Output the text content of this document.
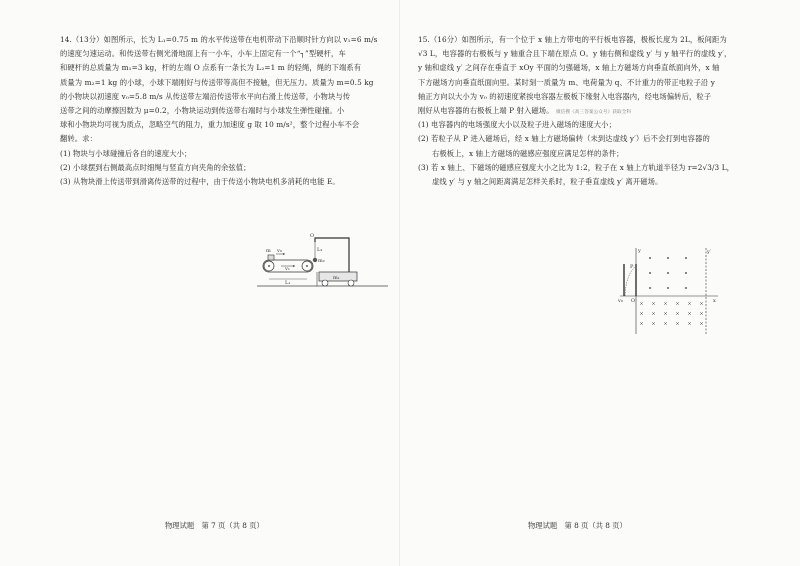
14.（13分）如图所示，长为 L₁=0.75 m 的水平传送带在电机带动下沿顺时针方向以 v₁=6 m/s
的速度匀速运动。和传送带右侧光滑地面上有一小车，小车上固定有一个“┐”型硬杆，车
和硬杆的总质量为 m₁=3 kg，杆的左端 O 点系有一条长为 L₂=1 m 的轻绳，绳的下端系有
质量为 m₂=1 kg 的小球，小球下端刚好与传送带等高但不接触，但无压力。质量为 m=0.5 kg
的小物块以初速度 v₀=5.8 m/s 从传送带左端沿传送带水平向右滑上传送带，小物块与传
送带之间的动摩擦因数为 μ=0.2，小物块运动到传送带右端时与小球发生弹性碰撞。小
球和小物块均可视为质点，忽略空气的阻力，重力加速度 g 取 10 m/s²，整个过程小车不会
翻转。求：
(1) 物块与小球碰撞后各自的速度大小；
(2) 小球摆到右侧最高点时细绳与竖直方向夹角的余弦值；
(3) 从物块滑上传送带到滑离传送带的过程中，由于传送小物块电机多消耗的电能 E。
m v₀
v₁
L₁
m₁
O
L₂
m₂
物理试题　第 7 页（共 8 页）
15.（16分）如图所示，有一个位于 x 轴上方带电的平行板电容器，极板长度为 2L，板间距为
√3 L，电容器的右极板与 y 轴重合且下端在原点 O。y 轴右侧和虚线 y′ 与 y 轴平行的虚线 y′，
y 轴和虚线 y′ 之间存在垂直于 xOy 平面的匀强磁场，x 轴上方磁场方向垂直纸面向外，x 轴
下方磁场方向垂直纸面向里。某时刻一质量为 m、电荷量为 q、不计重力的带正电粒子沿 y
轴正方向以大小为 v₀ 的初速度紧挨电容器左极板下缘射入电容器内，经电场偏转后，粒子
刚好从电容器的右极板上端 P 射入磁场。 微信搜《高三答案公众号》获取全科
(1) 电容器内的电场强度大小以及粒子进入磁场的速度大小；
(2) 若粒子从 P 进入磁场后，经 x 轴上方磁场偏转（未到达虚线 y′）后不会打到电容器的
右极板上，x 轴上方磁场的磁感应强度应满足怎样的条件；
(3) 若 x 轴上、下磁场的磁感应强度大小之比为 1:2，粒子在 x 轴上方轨道半径为 r=2√3/3 L，
虚线 y′ 与 y 轴之间距离满足怎样关系时，粒子垂直虚线 y′ 离开磁场。
v₀
P
y
x
O
y′
物理试题　第 8 页（共 8 页）
